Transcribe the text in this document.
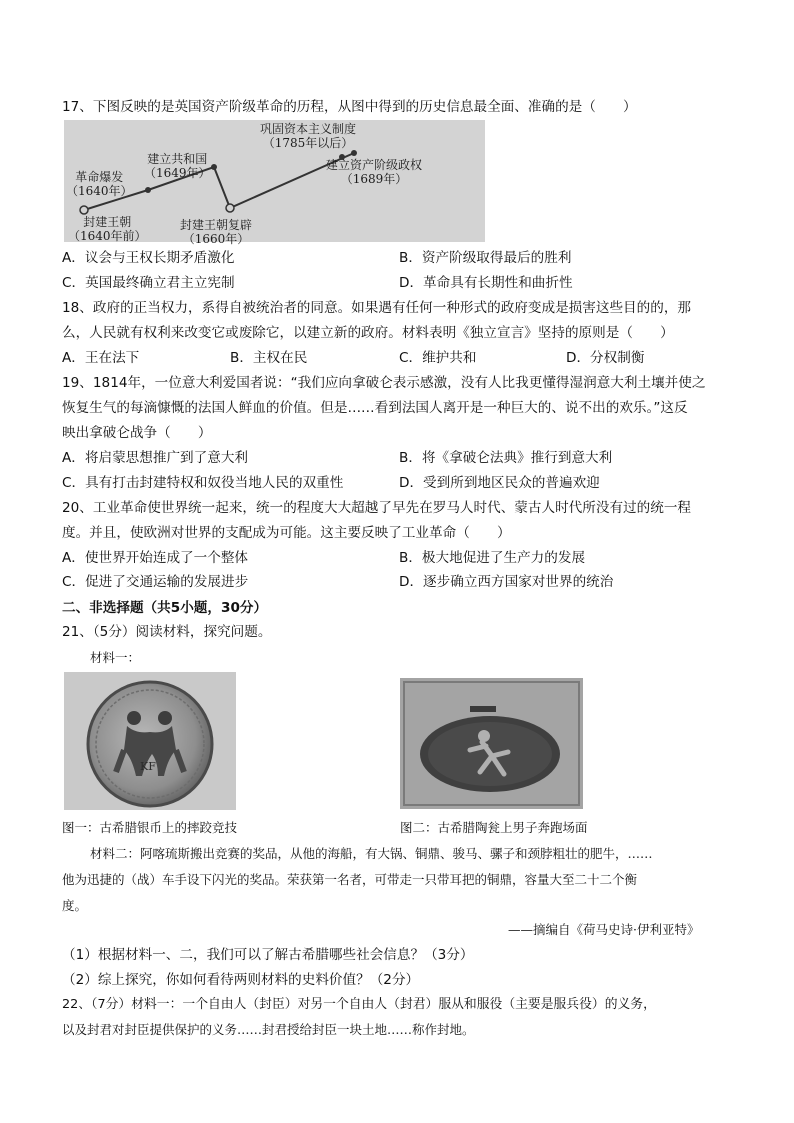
17、下图反映的是英国资产阶级革命的历程，从图中得到的历史信息最全面、准确的是（　　）
封建王朝
（1640年前）
革命爆发
（1640年）
建立共和国
（1649年）
封建王朝复辟
（1660年）
建立资产阶级政权
（1689年）
巩固资本主义制度
（1785年以后）
A．议会与王权长期矛盾激化	B．资产阶级取得最后的胜利
C．英国最终确立君主立宪制	D．革命具有长期性和曲折性
18、政府的正当权力，系得自被统治者的同意。如果遇有任何一种形式的政府变成是损害这些目的的，那
么，人民就有权利来改变它或废除它，以建立新的政府。材料表明《独立宣言》坚持的原则是（　　）
A．王在法下	B．主权在民	C．维护共和	D．分权制衡
19、1814年，一位意大利爱国者说：“我们应向拿破仑表示感激，没有人比我更懂得湿润意大利土壤并使之
恢复生气的每滴慷慨的法国人鲜血的价值。但是……看到法国人离开是一种巨大的、说不出的欢乐。”这反
映出拿破仑战争（　　）
A．将启蒙思想推广到了意大利	B．将《拿破仑法典》推行到意大利
C．具有打击封建特权和奴役当地人民的双重性	D．受到所到地区民众的普遍欢迎
20、工业革命使世界统一起来，统一的程度大大超越了早先在罗马人时代、蒙古人时代所没有过的统一程
度。并且，使欧洲对世界的支配成为可能。这主要反映了工业革命（　　）
A．使世界开始连成了一个整体	B．极大地促进了生产力的发展
C．促进了交通运输的发展进步	D．逐步确立西方国家对世界的统治
二、非选择题（共5小题，30分）
21、（5分）阅读材料，探究问题。
材料一：
KF
图一：古希腊银币上的摔跤竞技	图二：古希腊陶瓮上男子奔跑场面
材料二：阿喀琉斯搬出竞赛的奖品，从他的海船，有大锅、铜鼎、骏马、骡子和颈脖粗壮的肥牛，……
他为迅捷的（战）车手设下闪光的奖品。荣获第一名者，可带走一只带耳把的铜鼎，容量大至二十二个衡
度。
——摘编自《荷马史诗·伊利亚特》
（1）根据材料一、二，我们可以了解古希腊哪些社会信息？（3分）
（2）综上探究，你如何看待两则材料的史料价值？（2分）
22、（7分）材料一：一个自由人（封臣）对另一个自由人（封君）服从和服役（主要是服兵役）的义务，
以及封君对封臣提供保护的义务……封君授给封臣一块土地……称作封地。
